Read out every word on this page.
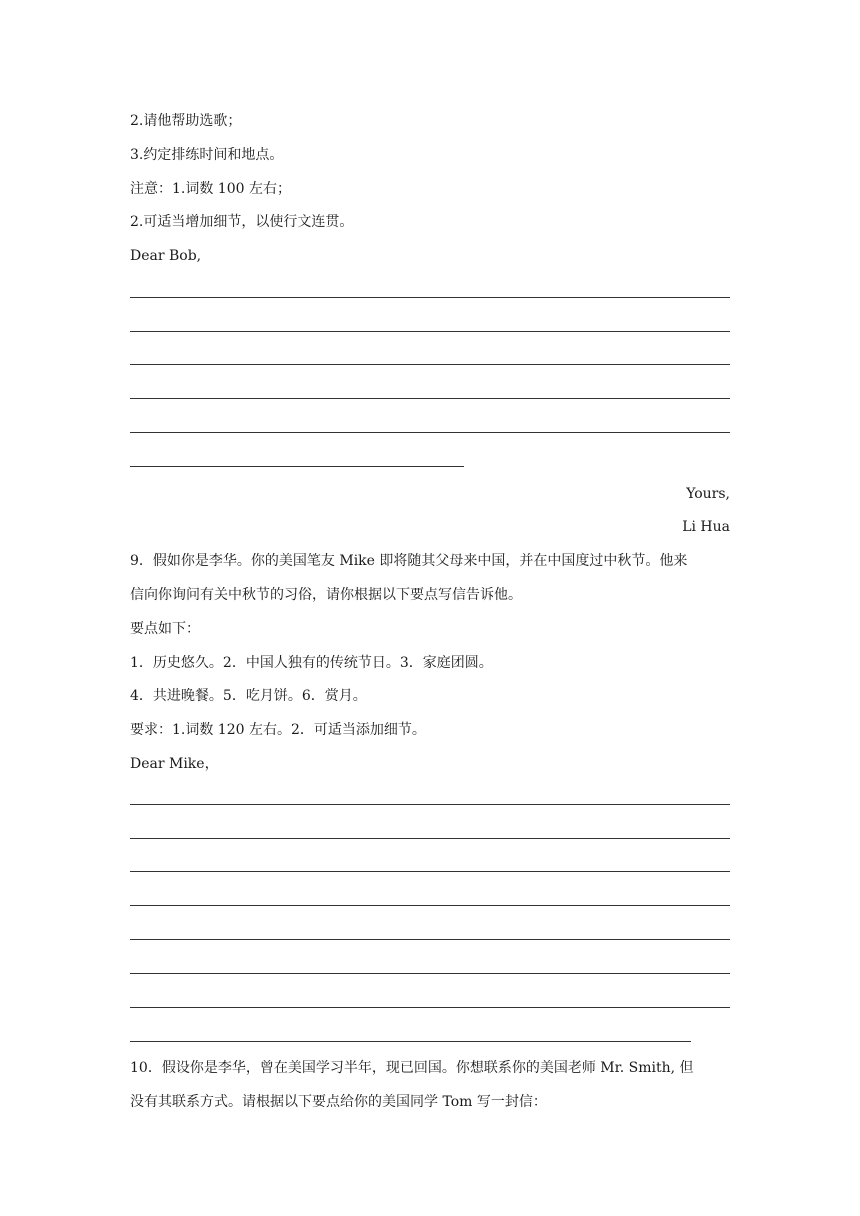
2.请他帮助选歌；
3.约定排练时间和地点。
注意：1.词数 100 左右；
2.可适当增加细节，以使行文连贯。
Dear Bob,
Yours,
Li Hua
9．假如你是李华。你的美国笔友 Mike 即将随其父母来中国，并在中国度过中秋节。他来
信向你询问有关中秋节的习俗，请你根据以下要点写信告诉他。
要点如下：
1．历史悠久。2．中国人独有的传统节日。3．家庭团圆。
4．共进晚餐。5．吃月饼。6．赏月。
要求：1.词数 120 左右。2．可适当添加细节。
Dear Mike，
10．假设你是李华，曾在美国学习半年，现已回国。你想联系你的美国老师 Mr. Smith, 但
没有其联系方式。请根据以下要点给你的美国同学 Tom 写一封信：
